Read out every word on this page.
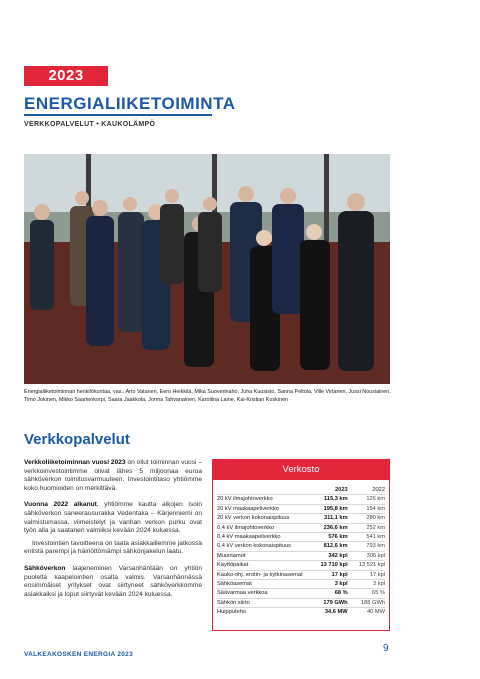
2023
ENERGIALIIKETOIMINTA
VERKKOPALVELUT • KAUKOLÄMPÖ
Energialiiketoiminnan henkilökuntaa, vas.. Arto Vatanen, Eero Heikkilä, Mika Suoverinaho, Juha Kuusisto, Sanna Peltola, Ville Virtanen, Jussi Nousiainen, Timo Jokinen, Mikko Saartenkorpi, Saara Jaakkola, Jorma Tahvanainen, Karoliina Laine, Kai-Kristian Koskinen
Verkkopalvelut

Verkkoliiketoiminnan vuosi 2023 on ollut toiminnan vuosi – verkkoinvestointimme olivat lähes 5 miljoonaa euroa sähköverkon toimitusvarmuuteen. Investointitaso yhtiömme koko huomioiden on merkittävä.

Vuonna 2022 alkanut, yhtiömme kautta aikojen isoin sähköverkon saneerausurakka Vedentaka – Kärjenniemi on valmistumassa, viimeistelyt ja vanhan verkon purku ovat työn alla ja saatanen valmiiksi kevään 2024 kuluessa.

Investointien tavoitteena on taata asiakkaillemme jatkossa entistä parempi ja häiriöttömämpi sähkönjakelun laatu.

Sähköverkon laajeneminen Varsanhäntään on yhtiön puolelta kaapelointien osalta valmis. Varsanhännässä ensimmäiset yritykset ovat siirtyneet sähköverkkomme asiakkaiksi ja loput siirtyvät kevään 2024 kuluessa.

Verkosto
	2023	2022
20 kV ilmajohtoverkko	115,3 km	126 km
20 kV maakaapeliverkko	195,8 km	154 km
20 kV verkon kokonaispituus	311,1 km	280 km
0,4 kV ilmajohtoverkko	236,6 km	252 km
0,4 kV maakaapeliverkko	576 km	541 km
0,4 kV verkon kokonaispituus	812,6 km	793 km
Muuntamot	342 kpl	306 kpl
Käyttöpaikat	13 710 kpl	13 521 kpl
Kauko-ohj. erotin- ja kytkinasemat	17 kpl	17 kpl
Sähköasemat	3 kpl	3 kpl
Säävarmaa verkkoa	68 %	65 %
Sähkön siirto	179 GWh	188 GWh
Huipputeho	34,6 MW	40 MW
VALKEAKOSKEN ENERGIA 2023
9
